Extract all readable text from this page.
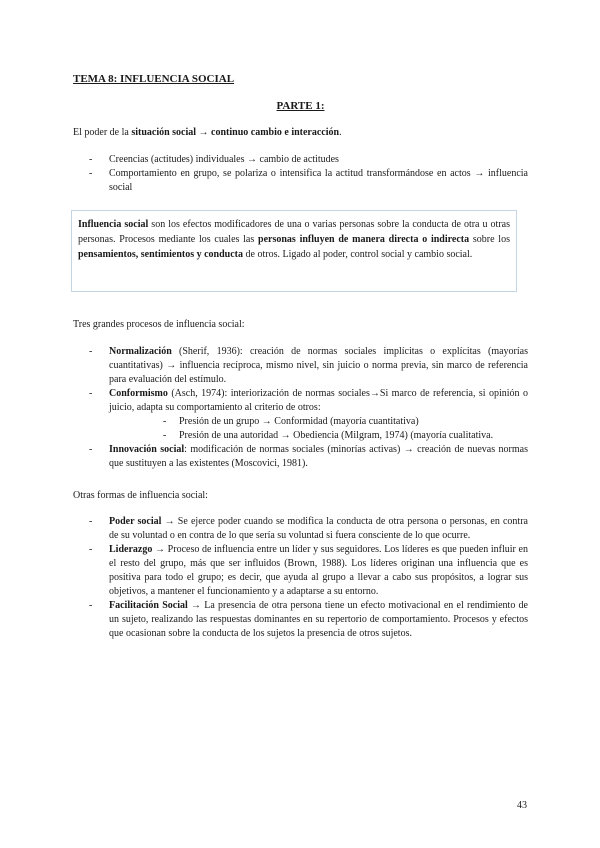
TEMA 8: INFLUENCIA SOCIAL
PARTE 1:
El poder de la situación social → continuo cambio e interacción.
- Creencias (actitudes) individuales → cambio de actitudes
- Comportamiento en grupo, se polariza o intensifica la actitud transformándose en actos → influencia social
Influencia social son los efectos modificadores de una o varias personas sobre la conducta de otra u otras personas. Procesos mediante los cuales las personas influyen de manera directa o indirecta sobre los pensamientos, sentimientos y conducta de otros. Ligado al poder, control social y cambio social.
Tres grandes procesos de influencia social:
- Normalización (Sherif, 1936): creación de normas sociales implícitas o explícitas (mayorías cuantitativas) → influencia recíproca, mismo nivel, sin juicio o norma previa, sin marco de referencia para evaluación del estímulo.
- Conformismo (Asch, 1974): interiorización de normas sociales→Si marco de referencia, si opinión o juicio, adapta su comportamiento al criterio de otros:
- Presión de un grupo → Conformidad (mayoría cuantitativa)
- Presión de una autoridad → Obediencia (Milgram, 1974) (mayoría cualitativa.
- Innovación social: modificación de normas sociales (minorías activas) → creación de nuevas normas que sustituyen a las existentes (Moscovici, 1981).
Otras formas de influencia social:
- Poder social → Se ejerce poder cuando se modifica la conducta de otra persona o personas, en contra de su voluntad o en contra de lo que sería su voluntad si fuera consciente de lo que ocurre.
- Liderazgo → Proceso de influencia entre un líder y sus seguidores. Los líderes es que pueden influir en el resto del grupo, más que ser influidos (Brown, 1988). Los líderes originan una influencia que es positiva para todo el grupo; es decir, que ayuda al grupo a llevar a cabo sus propósitos, a lograr sus objetivos, a mantener el funcionamiento y a adaptarse a su entorno.
- Facilitación Social → La presencia de otra persona tiene un efecto motivacional en el rendimiento de un sujeto, realizando las respuestas dominantes en su repertorio de comportamiento. Procesos y efectos que ocasionan sobre la conducta de los sujetos la presencia de otros sujetos.
43
